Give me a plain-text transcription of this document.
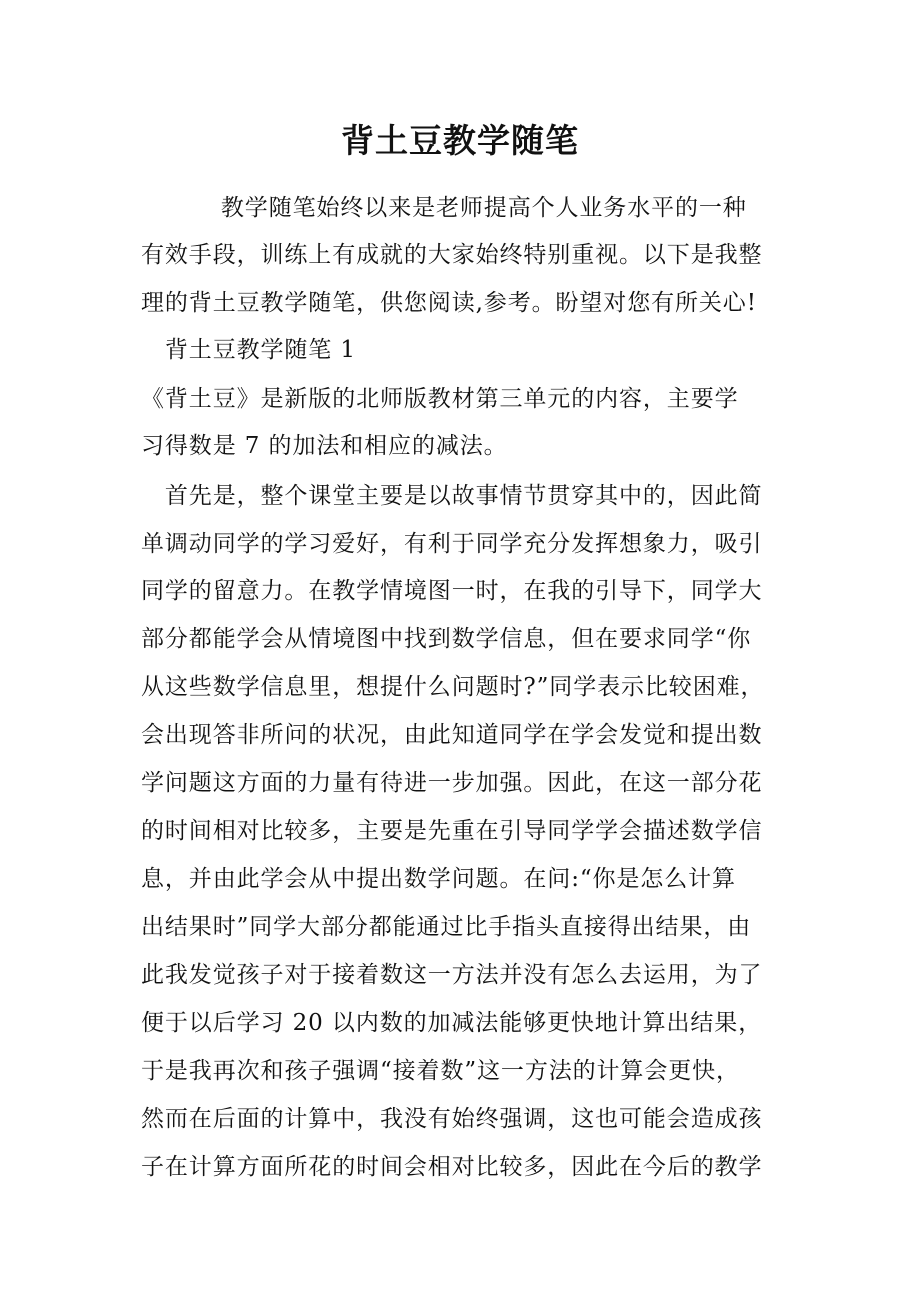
背土豆教学随笔
　　　 教学随笔始终以来是老师提高个人业务水平的一种
有效手段，训练上有成就的大家始终特别重视。以下是我整
理的背土豆教学随笔，供您阅读,参考。盼望对您有所关心!
　背土豆教学随笔 1
《背土豆》是新版的北师版教材第三单元的内容，主要学
习得数是 7 的加法和相应的减法。
　首先是，整个课堂主要是以故事情节贯穿其中的，因此简
单调动同学的学习爱好，有利于同学充分发挥想象力，吸引
同学的留意力。在教学情境图一时，在我的引导下，同学大
部分都能学会从情境图中找到数学信息，但在要求同学“你
从这些数学信息里，想提什么问题时?”同学表示比较困难，
会出现答非所问的状况，由此知道同学在学会发觉和提出数
学问题这方面的力量有待进一步加强。因此，在这一部分花
的时间相对比较多，主要是先重在引导同学学会描述数学信
息，并由此学会从中提出数学问题。在问:“你是怎么计算
出结果时”同学大部分都能通过比手指头直接得出结果，由
此我发觉孩子对于接着数这一方法并没有怎么去运用，为了
便于以后学习 20 以内数的加减法能够更快地计算出结果，
于是我再次和孩子强调“接着数”这一方法的计算会更快，
然而在后面的计算中，我没有始终强调，这也可能会造成孩
子在计算方面所花的时间会相对比较多，因此在今后的教学
